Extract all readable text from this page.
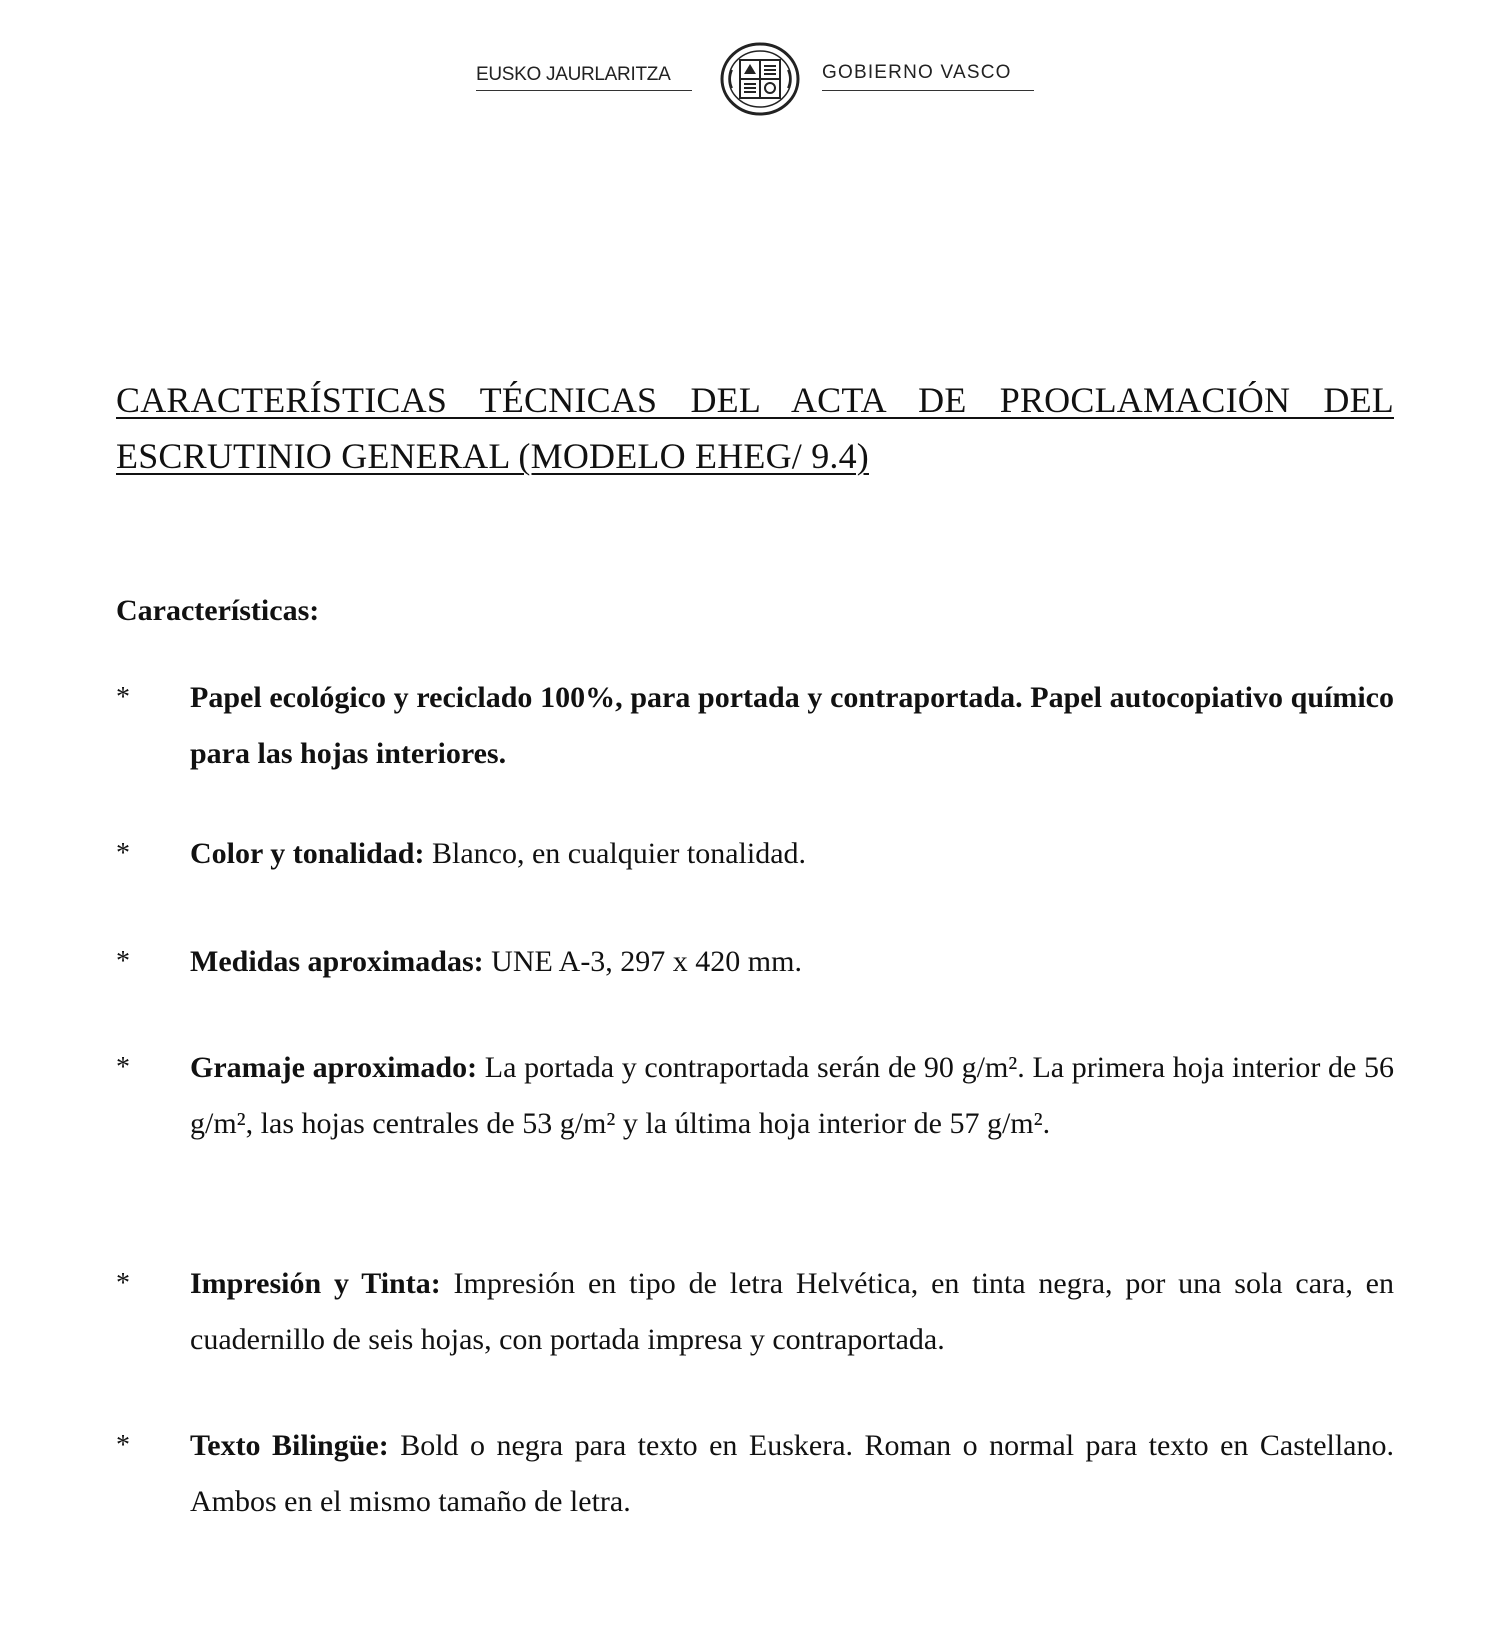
EUSKO JAURLARITZA	GOBIERNO VASCO
CARACTERÍSTICAS TÉCNICAS DEL ACTA DE PROCLAMACIÓN DEL ESCRUTINIO GENERAL (MODELO EHEG/ 9.4)

Características:

*	Papel ecológico y reciclado 100%, para portada y contraportada. Papel autocopiativo químico para las hojas interiores.
*	Color y tonalidad: Blanco, en cualquier tonalidad.
*	Medidas aproximadas: UNE A-3, 297 x 420 mm.
*	Gramaje aproximado: La portada y contraportada serán de 90 g/m². La primera hoja interior de 56 g/m², las hojas centrales de 53 g/m² y la última hoja interior de 57 g/m².
*	Impresión y Tinta: Impresión en tipo de letra Helvética, en tinta negra, por una sola cara, en cuadernillo de seis hojas, con portada impresa y contraportada.
*	Texto Bilingüe: Bold o negra para texto en Euskera. Roman o normal para texto en Castellano. Ambos en el mismo tamaño de letra.
